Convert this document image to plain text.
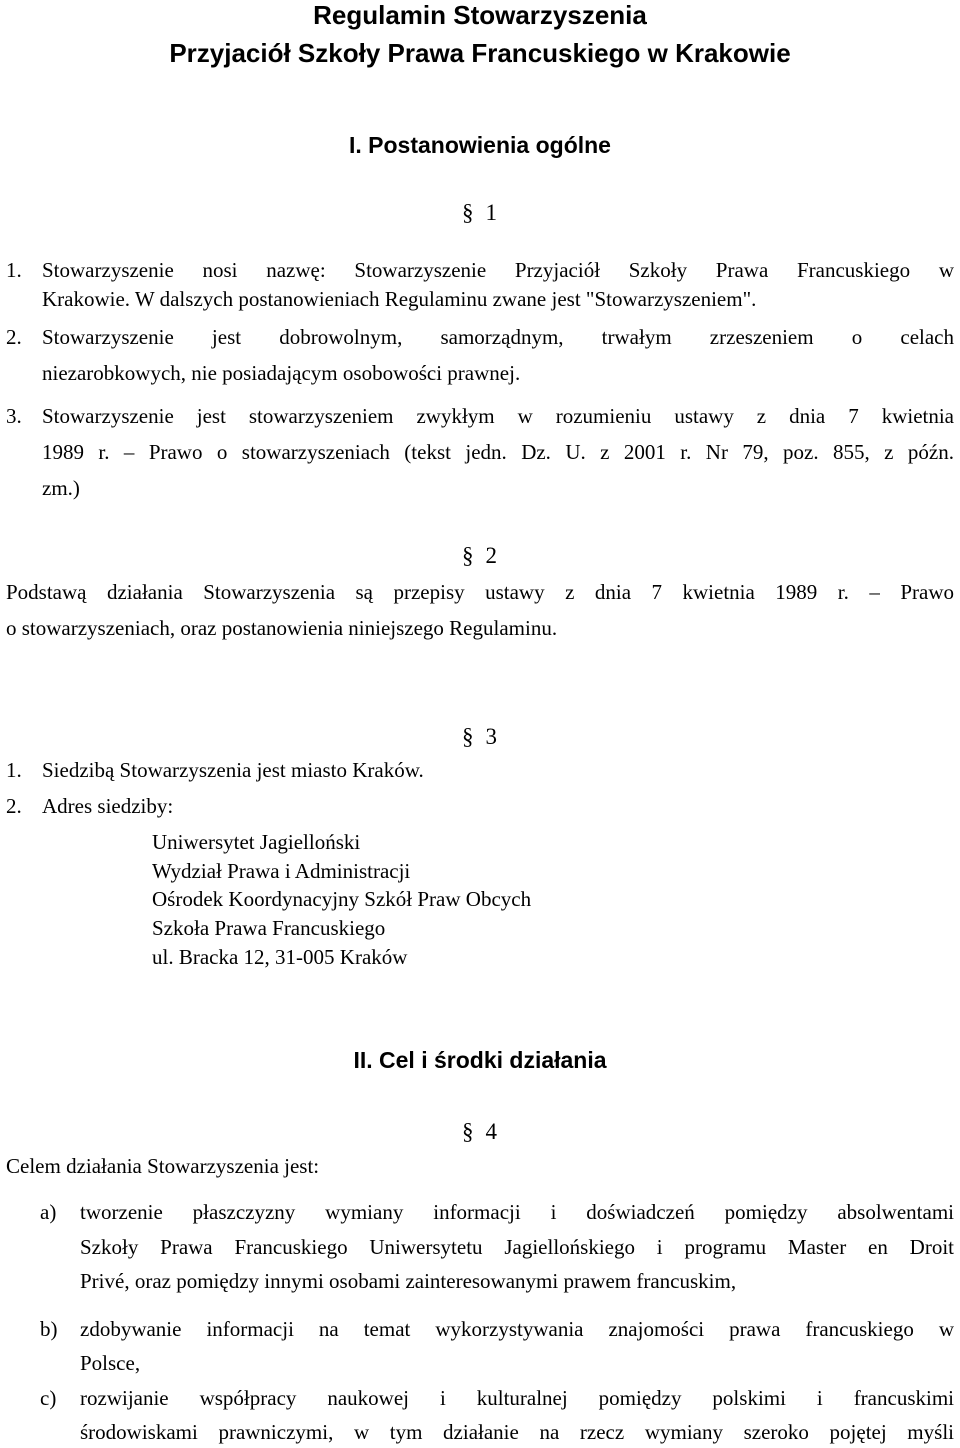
Regulamin Stowarzyszenia
Przyjaciół Szkoły Prawa Francuskiego w Krakowie
I. Postanowienia ogólne
§ 1
1. Stowarzyszenie nosi nazwę: Stowarzyszenie Przyjaciół Szkoły Prawa Francuskiego w
Krakowie. W dalszych postanowieniach Regulaminu zwane jest "Stowarzyszeniem".
2. Stowarzyszenie jest dobrowolnym, samorządnym, trwałym zrzeszeniem o celach
niezarobkowych, nie posiadającym osobowości prawnej.
3. Stowarzyszenie jest stowarzyszeniem zwykłym w rozumieniu ustawy z dnia 7 kwietnia
1989 r. – Prawo o stowarzyszeniach (tekst jedn. Dz. U. z 2001 r. Nr 79, poz. 855, z późn.
zm.)
§ 2
Podstawą działania Stowarzyszenia są przepisy ustawy z dnia 7 kwietnia 1989 r. – Prawo
o stowarzyszeniach, oraz postanowienia niniejszego Regulaminu.
§ 3
1. Siedzibą Stowarzyszenia jest miasto Kraków.
2. Adres siedziby:
Uniwersytet Jagielloński
Wydział Prawa i Administracji
Ośrodek Koordynacyjny Szkół Praw Obcych
Szkoła Prawa Francuskiego
ul. Bracka 12, 31-005 Kraków
II. Cel i środki działania
§ 4
Celem działania Stowarzyszenia jest:
a) tworzenie płaszczyzny wymiany informacji i doświadczeń pomiędzy absolwentami
Szkoły Prawa Francuskiego Uniwersytetu Jagiellońskiego i programu Master en Droit
Privé, oraz pomiędzy innymi osobami zainteresowanymi prawem francuskim,
b) zdobywanie informacji na temat wykorzystywania znajomości prawa francuskiego w
Polsce,
c) rozwijanie współpracy naukowej i kulturalnej pomiędzy polskimi i francuskimi
środowiskami prawniczymi, w tym działanie na rzecz wymiany szeroko pojętej myśli
